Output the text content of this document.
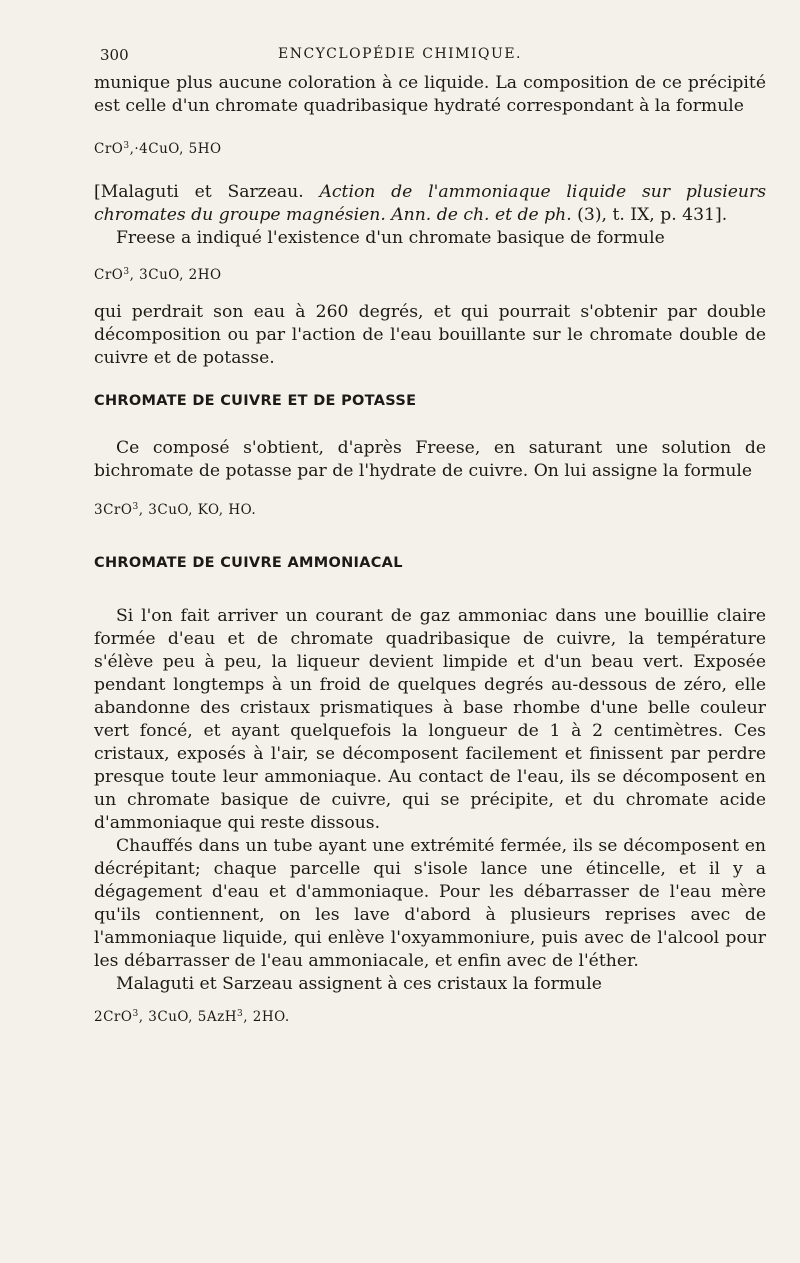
300	ENCYCLOPÉDIE CHIMIQUE.

munique plus aucune coloration à ce liquide. La composition de ce précipité est celle d'un chromate quadribasique hydraté correspondant à la formule

CrO$^3$,·4CuO, 5HO

[Malaguti et Sarzeau. Action de l'ammoniaque liquide sur plusieurs chromates du groupe magnésien. Ann. de ch. et de ph. (3), t. IX, p. 431].

Freese a indiqué l'existence d'un chromate basique de formule

CrO$^3$, 3CuO, 2HO

qui perdrait son eau à 260 degrés, et qui pourrait s'obtenir par double décomposition ou par l'action de l'eau bouillante sur le chromate double de cuivre et de potasse.

CHROMATE DE CUIVRE ET DE POTASSE

Ce composé s'obtient, d'après Freese, en saturant une solution de bichromate de potasse par de l'hydrate de cuivre. On lui assigne la formule

3CrO$^3$, 3CuO, KO, HO.

CHROMATE DE CUIVRE AMMONIACAL

Si l'on fait arriver un courant de gaz ammoniac dans une bouillie claire formée d'eau et de chromate quadribasique de cuivre, la température s'élève peu à peu, la liqueur devient limpide et d'un beau vert. Exposée pendant longtemps à un froid de quelques degrés au-dessous de zéro, elle abandonne des cristaux prismatiques à base rhombe d'une belle couleur vert foncé, et ayant quelquefois la longueur de 1 à 2 centimètres. Ces cristaux, exposés à l'air, se décomposent facilement et finissent par perdre presque toute leur ammoniaque. Au contact de l'eau, ils se décomposent en un chromate basique de cuivre, qui se précipite, et du chromate acide d'ammoniaque qui reste dissous.

Chauffés dans un tube ayant une extrémité fermée, ils se décomposent en décrépitant; chaque parcelle qui s'isole lance une étincelle, et il y a dégagement d'eau et d'ammoniaque. Pour les débarrasser de l'eau mère qu'ils contiennent, on les lave d'abord à plusieurs reprises avec de l'ammoniaque liquide, qui enlève l'oxyammoniure, puis avec de l'alcool pour les débarrasser de l'eau ammoniacale, et enfin avec de l'éther.

Malaguti et Sarzeau assignent à ces cristaux la formule

2CrO$^3$, 3CuO, 5AzH$^3$, 2HO.
